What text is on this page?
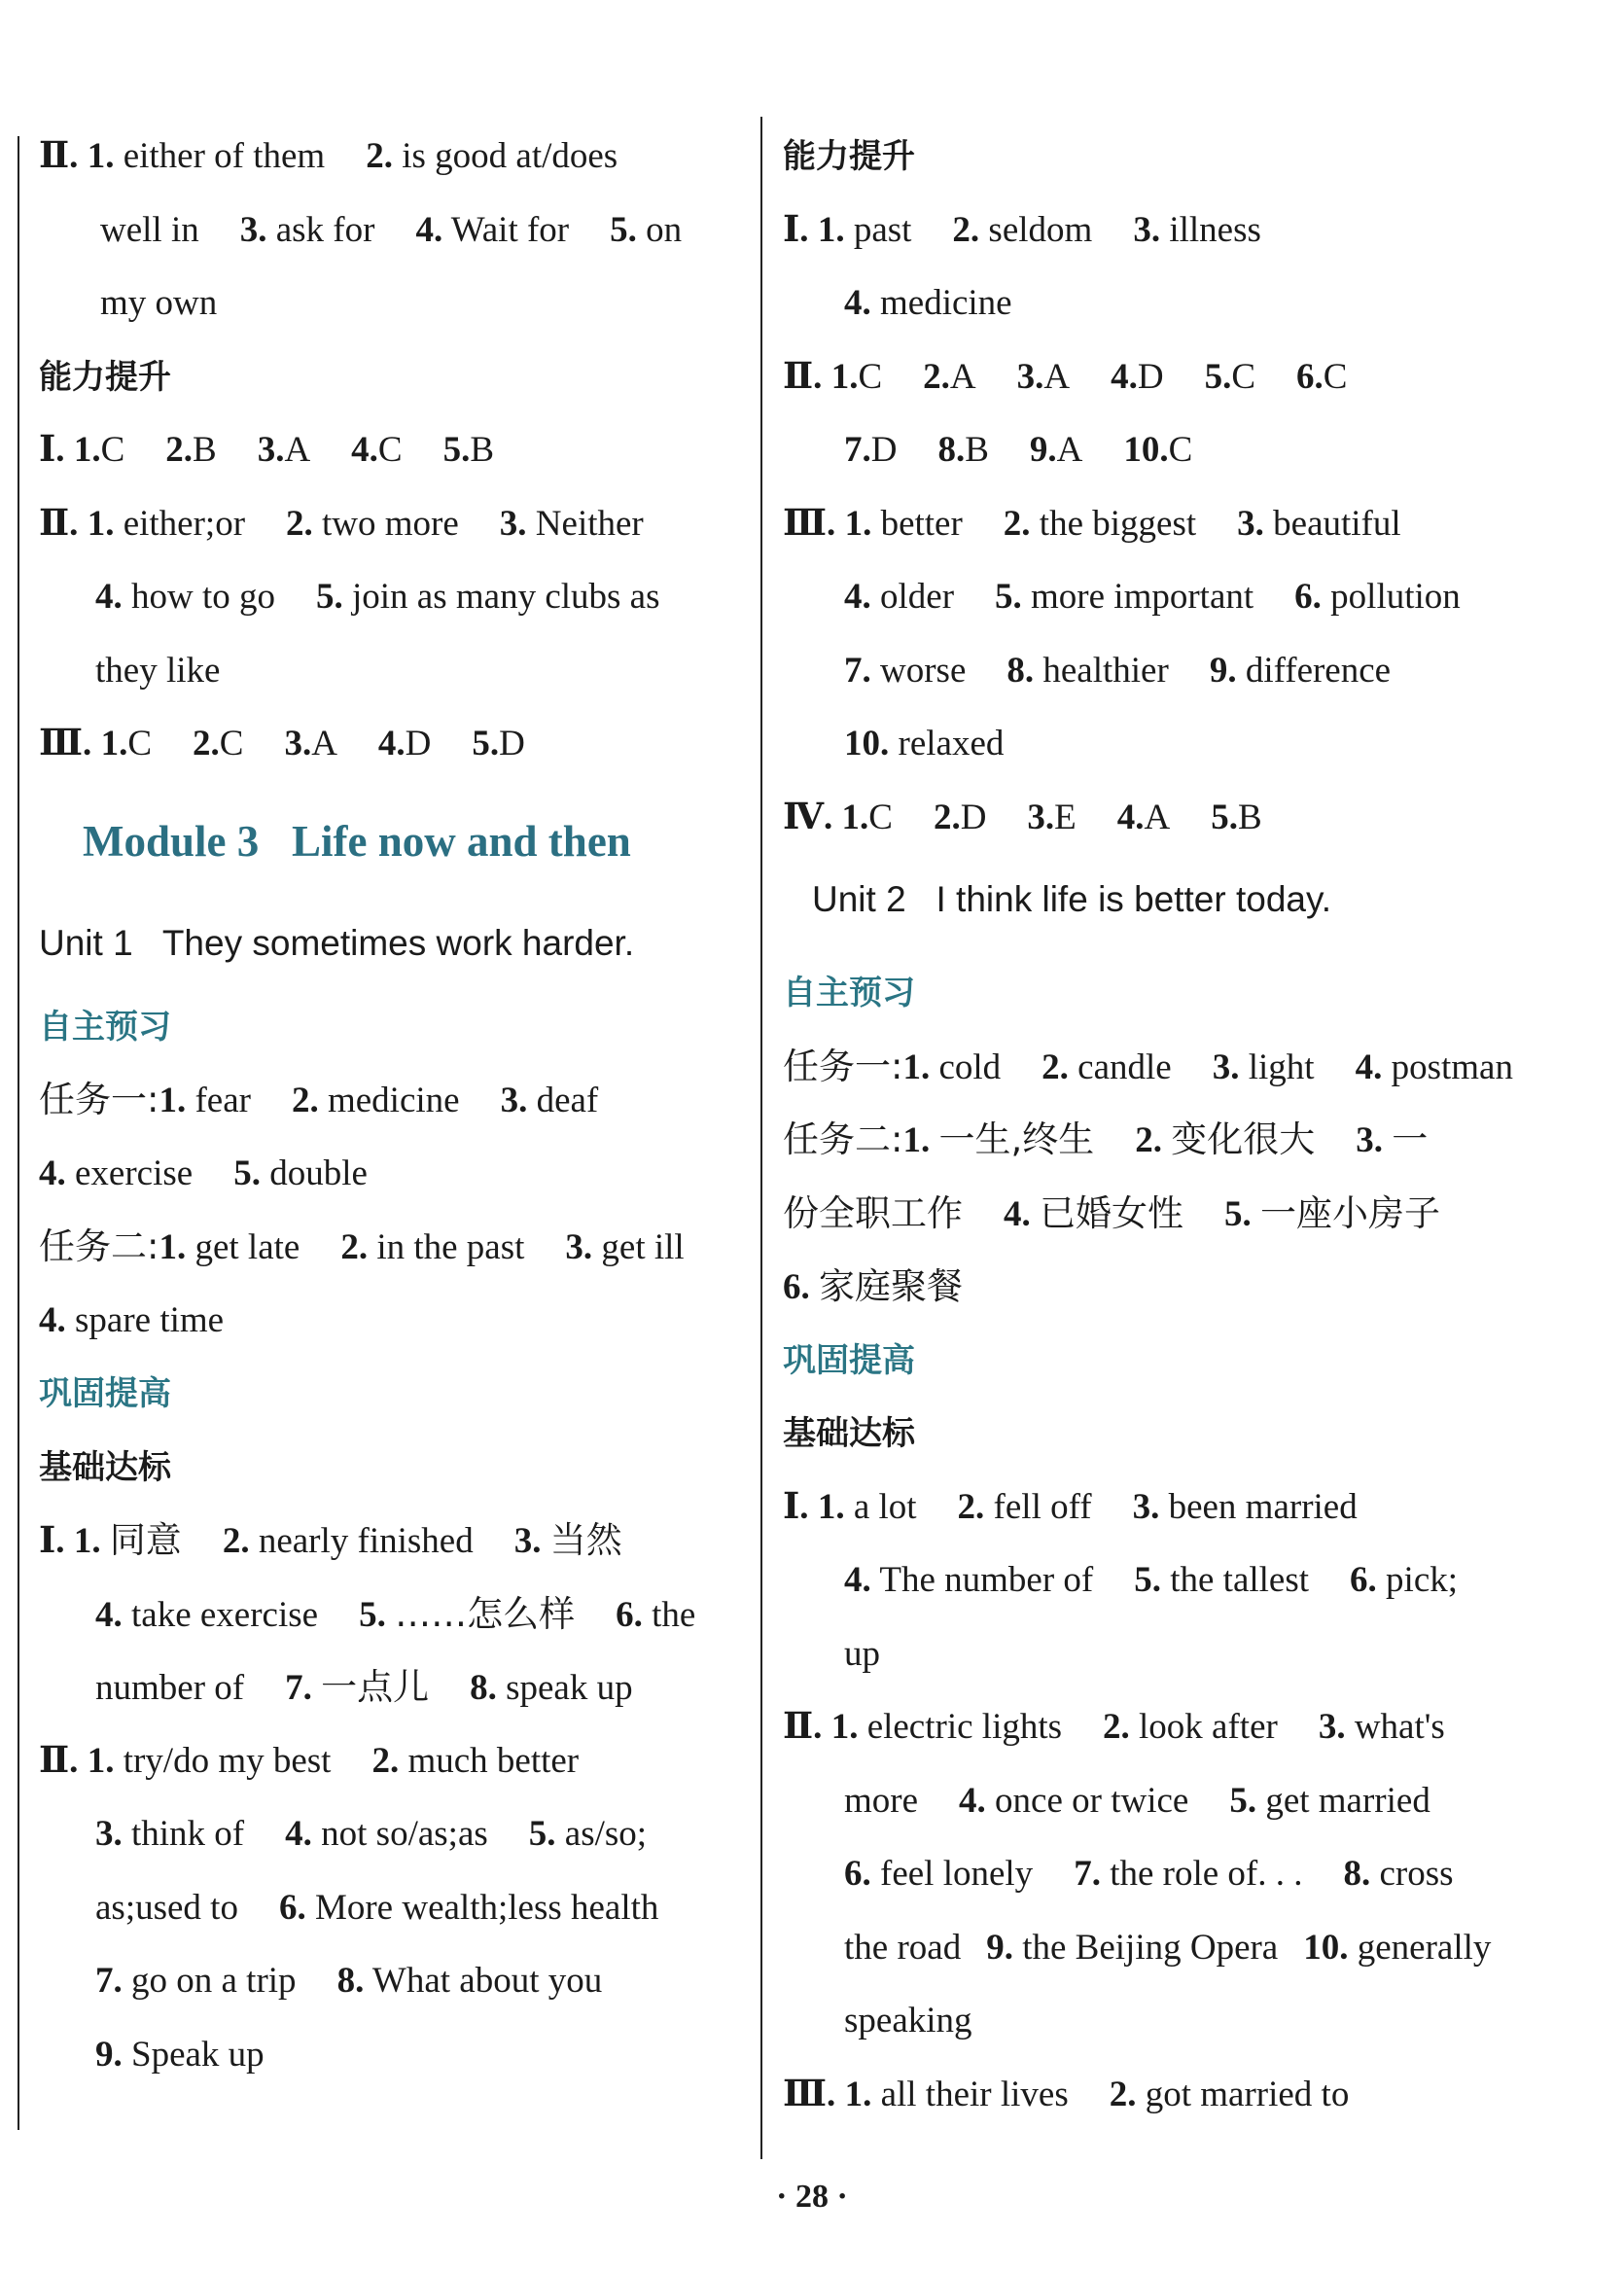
Ⅱ. 1. either of them 2. is good at/does
well in 3. ask for 4. Wait for 5. on
my own
能力提升
Ⅰ. 1.C 2.B 3.A 4.C 5.B
Ⅱ. 1. either;or 2. two more 3. Neither
4. how to go 5. join as many clubs as
they like
Ⅲ. 1.C 2.C 3.A 4.D 5.D
Module 3   Life now and then
Unit 1   They sometimes work harder.
自主预习
任务一:1. fear 2. medicine 3. deaf
4. exercise 5. double
任务二:1. get late 2. in the past 3. get ill
4. spare time
巩固提高
基础达标
Ⅰ. 1. 同意 2. nearly finished 3. 当然
4. take exercise 5. ……怎么样 6. the
number of 7. 一点儿 8. speak up
Ⅱ. 1. try/do my best 2. much better
3. think of 4. not so/as;as 5. as/so;
as;used to 6. More wealth;less health
7. go on a trip 8. What about you
9. Speak up
能力提升
Ⅰ. 1. past 2. seldom 3. illness
4. medicine
Ⅱ. 1.C 2.A 3.A 4.D 5.C 6.C
7.D 8.B 9.A 10.C
Ⅲ. 1. better 2. the biggest 3. beautiful
4. older 5. more important 6. pollution
7. worse 8. healthier 9. difference
10. relaxed
Ⅳ. 1.C 2.D 3.E 4.A 5.B
Unit 2   I think life is better today.
自主预习
任务一:1. cold 2. candle 3. light 4. postman
任务二:1. 一生,终生 2. 变化很大 3. 一
份全职工作 4. 已婚女性 5. 一座小房子
6. 家庭聚餐
巩固提高
基础达标
Ⅰ. 1. a lot 2. fell off 3. been married
4. The number of 5. the tallest 6. pick;
up
Ⅱ. 1. electric lights 2. look after 3. what's
more 4. once or twice 5. get married
6. feel lonely 7. the role of. . . 8. cross
the road 9. the Beijing Opera 10. generally
speaking
Ⅲ. 1. all their lives 2. got married to
· 28 ·
